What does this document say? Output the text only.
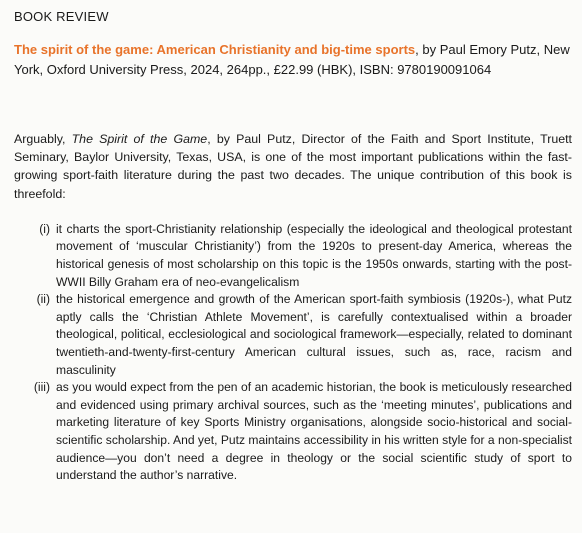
BOOK REVIEW

The spirit of the game: American Christianity and big-time sports, by Paul Emory Putz, New York, Oxford University Press, 2024, 264pp., £22.99 (HBK), ISBN: 9780190091064

Arguably, The Spirit of the Game, by Paul Putz, Director of the Faith and Sport Institute, Truett Seminary, Baylor University, Texas, USA, is one of the most important publications within the fast-growing sport-faith literature during the past two decades. The unique contribution of this book is threefold:

(i) it charts the sport-Christianity relationship (especially the ideological and theological protestant movement of ‘muscular Christianity’) from the 1920s to present-day America, whereas the historical genesis of most scholarship on this topic is the 1950s onwards, starting with the post-WWII Billy Graham era of neo-evangelicalism
(ii) the historical emergence and growth of the American sport-faith symbiosis (1920s-), what Putz aptly calls the ‘Christian Athlete Movement’, is carefully contextualised within a broader theological, political, ecclesiological and sociological framework—especially, related to dominant twentieth-and-twenty-first-century American cultural issues, such as, race, racism and masculinity
(iii) as you would expect from the pen of an academic historian, the book is meticulously researched and evidenced using primary archival sources, such as the ‘meeting minutes’, publications and marketing literature of key Sports Ministry organisations, alongside socio-historical and social-scientific scholarship. And yet, Putz maintains accessibility in his written style for a non-specialist audience—you don’t need a degree in theology or the social scientific study of sport to understand the author’s narrative.
